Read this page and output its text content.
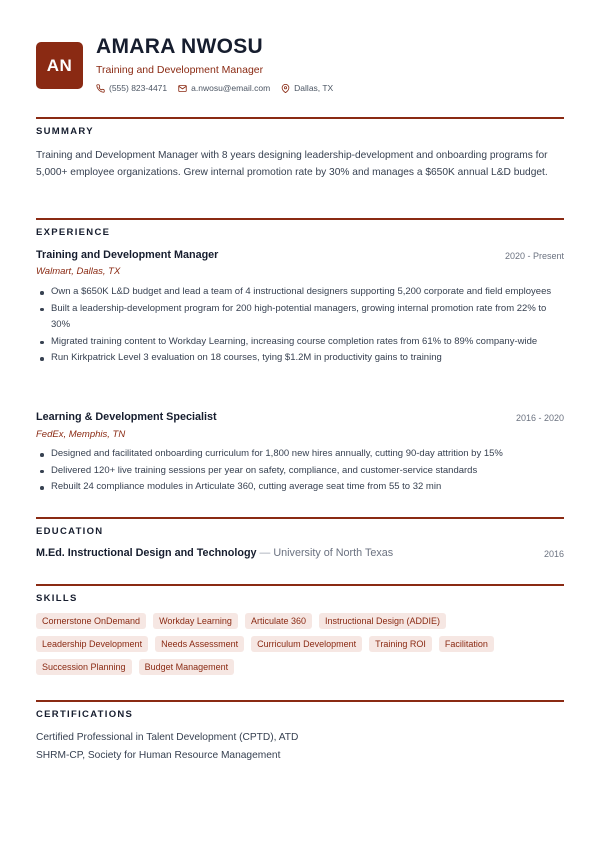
AN
AMARA NWOSU
Training and Development Manager
(555) 823-4471	a.nwosu@email.com	Dallas, TX
SUMMARY

Training and Development Manager with 8 years designing leadership-development and onboarding programs for 5,000+ employee organizations. Grew internal promotion rate by 30% and manages a $650K annual L&D budget.

EXPERIENCE
Training and Development Manager	2020 - Present
Walmart, Dallas, TX
Own a $650K L&D budget and lead a team of 4 instructional designers supporting 5,200 corporate and field employees
Built a leadership-development program for 200 high-potential managers, growing internal promotion rate from 22% to 30%
Migrated training content to Workday Learning, increasing course completion rates from 61% to 89% company-wide
Run Kirkpatrick Level 3 evaluation on 18 courses, tying $1.2M in productivity gains to training
Learning & Development Specialist	2016 - 2020
FedEx, Memphis, TN
Designed and facilitated onboarding curriculum for 1,800 new hires annually, cutting 90-day attrition by 15%
Delivered 120+ live training sessions per year on safety, compliance, and customer-service standards
Rebuilt 24 compliance modules in Articulate 360, cutting average seat time from 55 to 32 min
EDUCATION
M.Ed. Instructional Design and Technology — University of North Texas	2016
SKILLS
Cornerstone OnDemand	Workday Learning	Articulate 360	Instructional Design (ADDIE)
Leadership Development	Needs Assessment	Curriculum Development	Training ROI	Facilitation
Succession Planning	Budget Management
CERTIFICATIONS
Certified Professional in Talent Development (CPTD), ATD
SHRM-CP, Society for Human Resource Management
